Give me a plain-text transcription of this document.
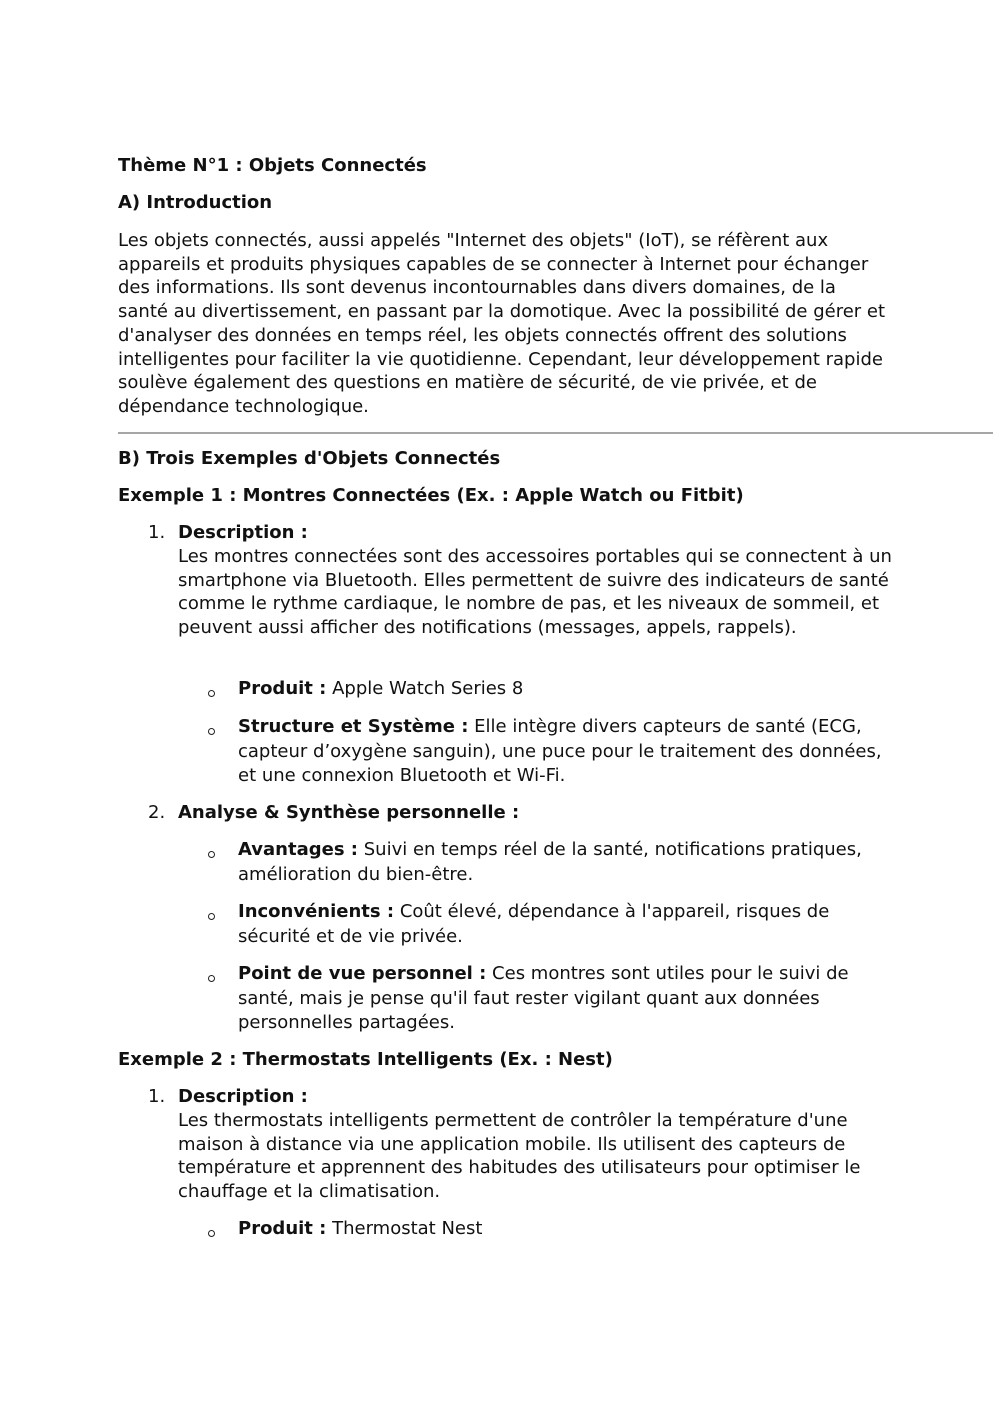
Thème N°1 : Objets Connectés
A) Introduction
Les objets connectés, aussi appelés "Internet des objets" (IoT), se réfèrent aux appareils et produits physiques capables de se connecter à Internet pour échanger des informations. Ils sont devenus incontournables dans divers domaines, de la santé au divertissement, en passant par la domotique. Avec la possibilité de gérer et d'analyser des données en temps réel, les objets connectés offrent des solutions intelligentes pour faciliter la vie quotidienne. Cependant, leur développement rapide soulève également des questions en matière de sécurité, de vie privée, et de dépendance technologique.
B) Trois Exemples d'Objets Connectés
Exemple 1 : Montres Connectées (Ex. : Apple Watch ou Fitbit)
1. Description :
Les montres connectées sont des accessoires portables qui se connectent à un smartphone via Bluetooth. Elles permettent de suivre des indicateurs de santé comme le rythme cardiaque, le nombre de pas, et les niveaux de sommeil, et peuvent aussi afficher des notifications (messages, appels, rappels).
Produit : Apple Watch Series 8
Structure et Système : Elle intègre divers capteurs de santé (ECG, capteur d’oxygène sanguin), une puce pour le traitement des données, et une connexion Bluetooth et Wi-Fi.
2. Analyse & Synthèse personnelle :
Avantages : Suivi en temps réel de la santé, notifications pratiques, amélioration du bien-être.
Inconvénients : Coût élevé, dépendance à l'appareil, risques de sécurité et de vie privée.
Point de vue personnel : Ces montres sont utiles pour le suivi de santé, mais je pense qu'il faut rester vigilant quant aux données personnelles partagées.
Exemple 2 : Thermostats Intelligents (Ex. : Nest)
1. Description :
Les thermostats intelligents permettent de contrôler la température d'une maison à distance via une application mobile. Ils utilisent des capteurs de température et apprennent des habitudes des utilisateurs pour optimiser le chauffage et la climatisation.
Produit : Thermostat Nest
